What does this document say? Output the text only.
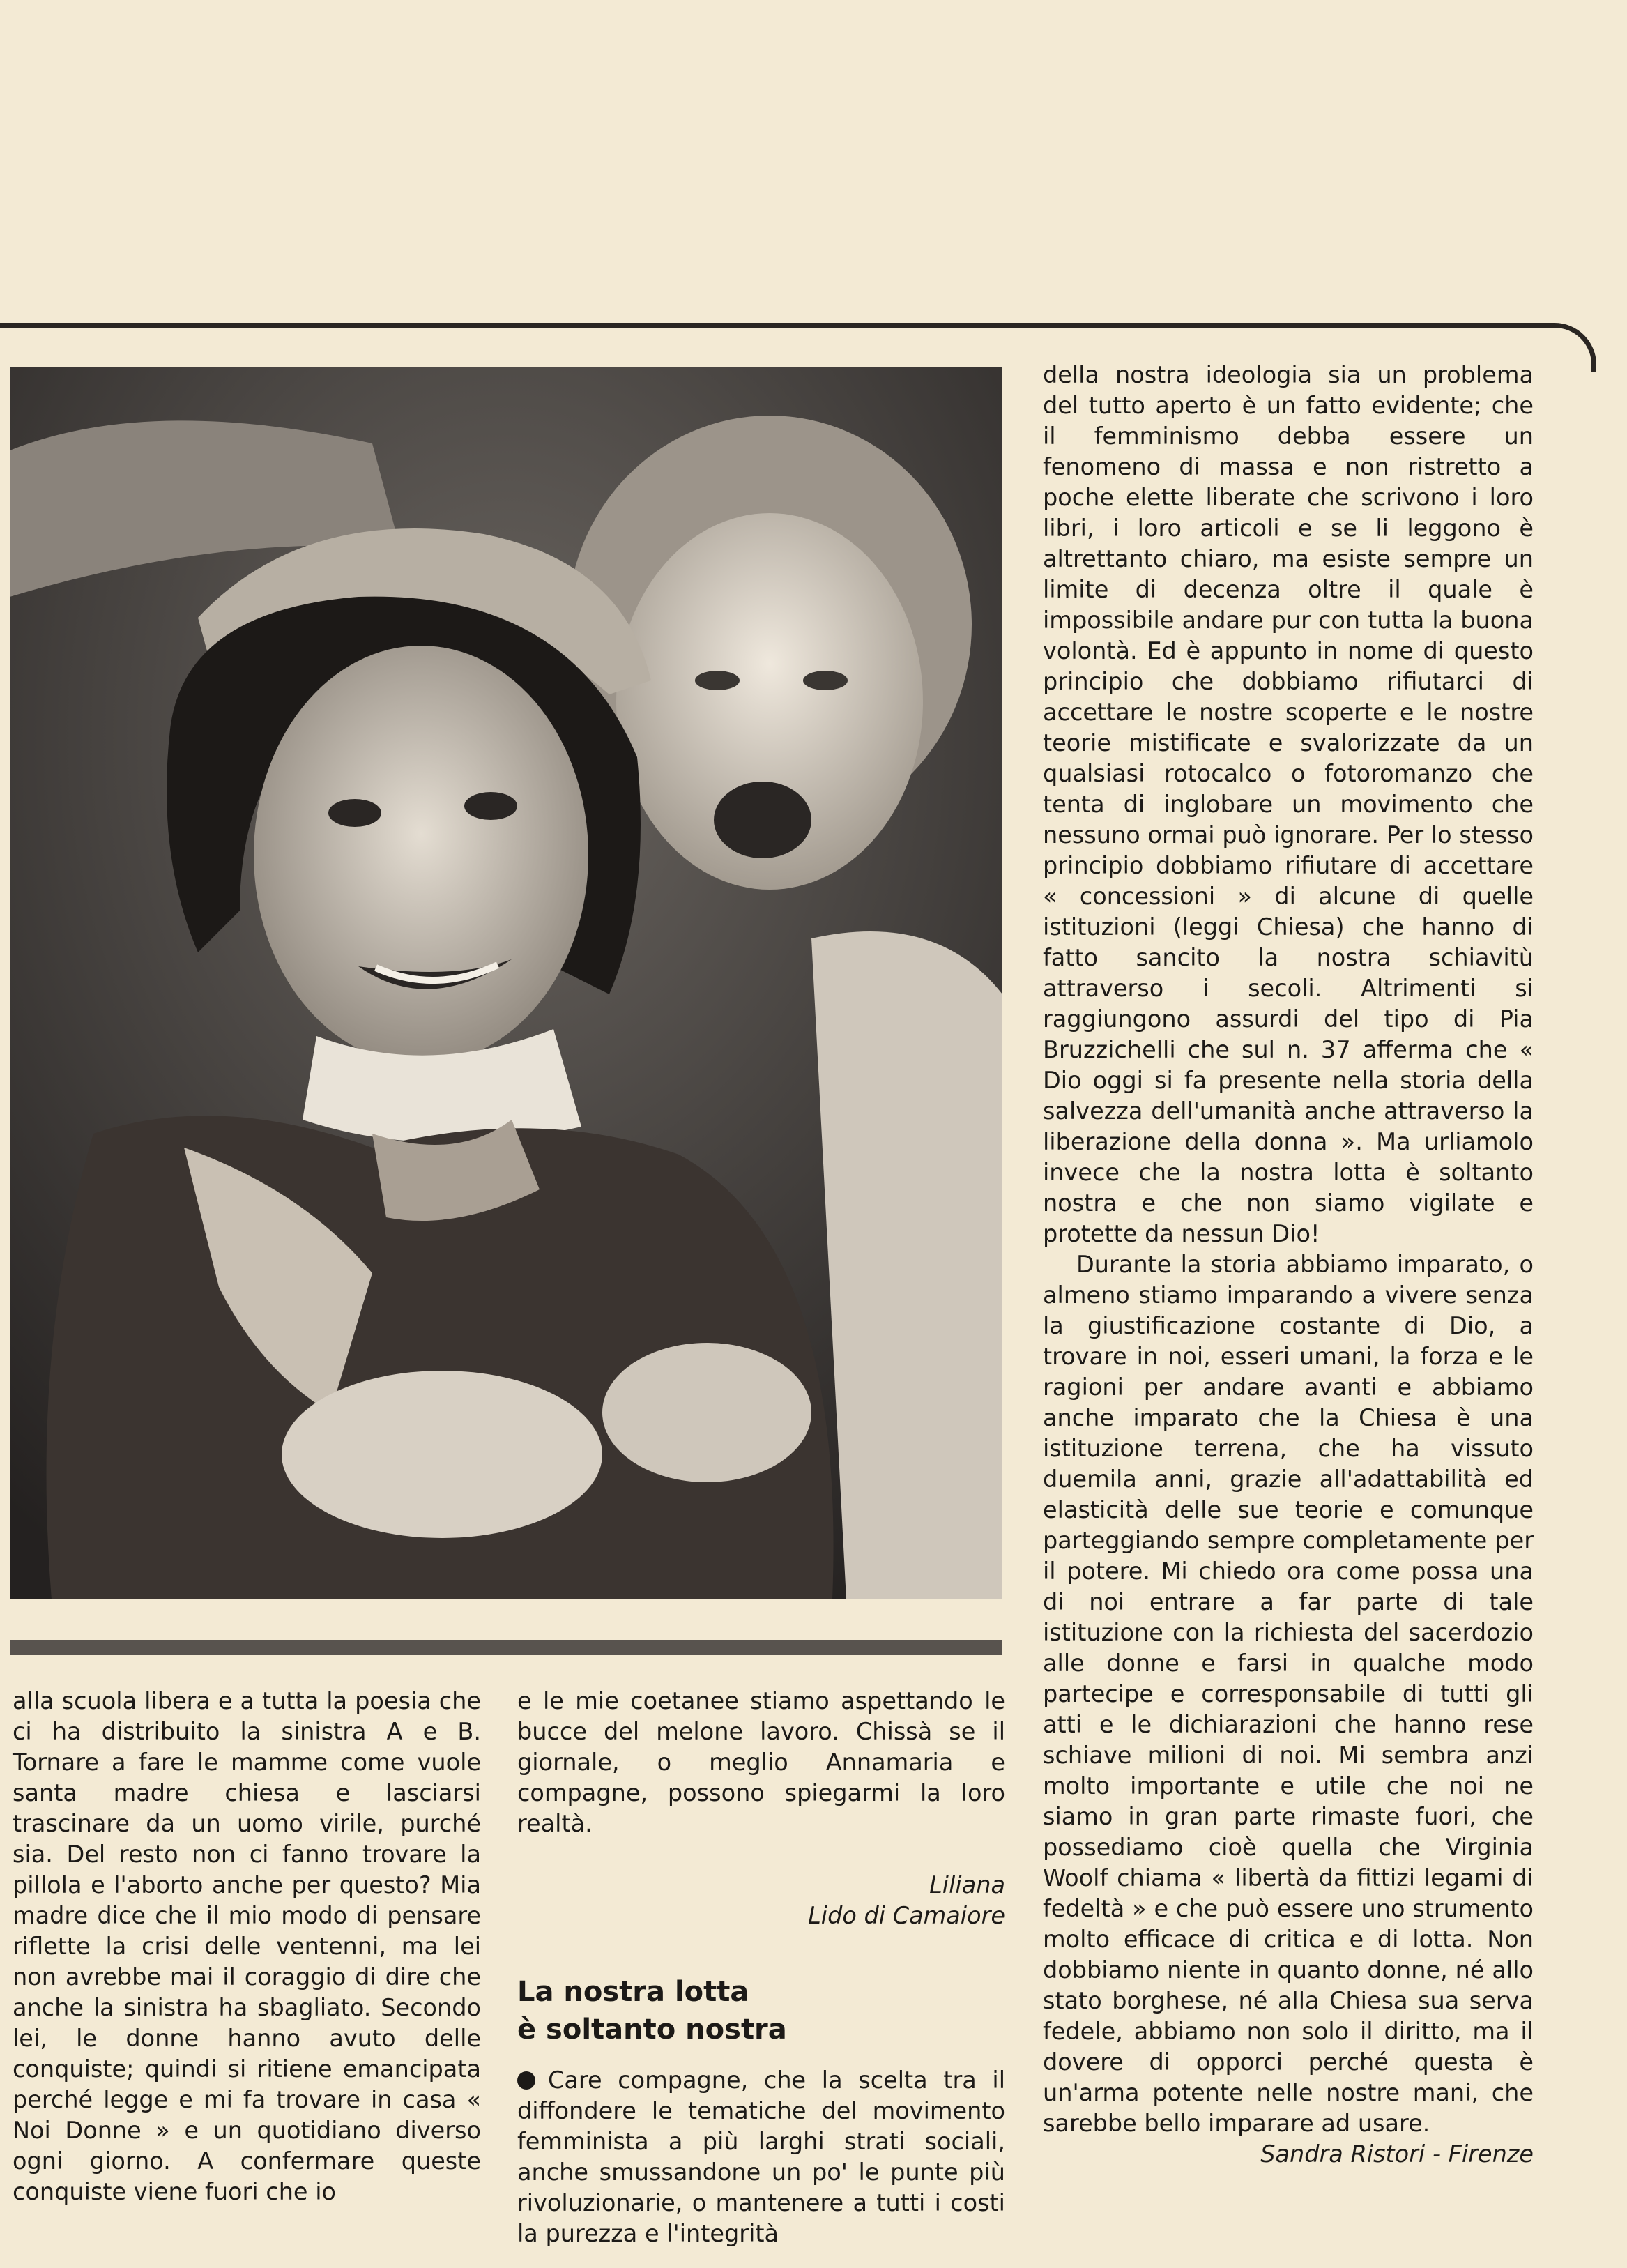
alla scuola libera e a tutta la poesia che ci ha distribuito la sinistra A e B. Tornare a fare le mamme come vuole santa madre chiesa e lasciarsi trascinare da un uomo virile, purché sia. Del resto non ci fanno trovare la pillola e l'aborto anche per questo? Mia madre dice che il mio modo di pensare riflette la crisi delle ventenni, ma lei non avrebbe mai il coraggio di dire che anche la sinistra ha sbagliato. Secondo lei, le donne hanno avuto delle conquiste; quindi si ritiene emancipata perché legge e mi fa trovare in casa « Noi Donne » e un quotidiano diverso ogni giorno. A confermare queste conquiste viene fuori che io

e le mie coetanee stiamo aspettando le bucce del melone lavoro. Chissà se il giornale, o meglio Annamaria e compagne, possono spiegarmi la loro realtà.

Liliana

Lido di Camaiore

La nostra lotta
è soltanto nostra

Care compagne, che la scelta tra il diffondere le tematiche del movimento femminista a più larghi strati sociali, anche smussandone un po' le punte più rivoluzionarie, o mantenere a tutti i costi la purezza e l'integrità

della nostra ideologia sia un problema del tutto aperto è un fatto evidente; che il femminismo debba essere un fenomeno di massa e non ristretto a poche elette liberate che scrivono i loro libri, i loro articoli e se li leggono è altrettanto chiaro, ma esiste sempre un limite di decenza oltre il quale è impossibile andare pur con tutta la buona volontà. Ed è appunto in nome di questo principio che dobbiamo rifiutarci di accettare le nostre scoperte e le nostre teorie mistificate e svalorizzate da un qualsiasi rotocalco o fotoromanzo che tenta di inglobare un movimento che nessuno ormai può ignorare. Per lo stesso principio dobbiamo rifiutare di accettare « concessioni » di alcune di quelle istituzioni (leggi Chiesa) che hanno di fatto sancito la nostra schiavitù attraverso i secoli. Altrimenti si raggiungono assurdi del tipo di Pia Bruzzichelli che sul n. 37 afferma che « Dio oggi si fa presente nella storia della salvezza dell'umanità anche attraverso la liberazione della donna ». Ma urliamolo invece che la nostra lotta è soltanto nostra e che non siamo vigilate e protette da nessun Dio!

Durante la storia abbiamo imparato, o almeno stiamo imparando a vivere senza la giustificazione costante di Dio, a trovare in noi, esseri umani, la forza e le ragioni per andare avanti e abbiamo anche imparato che la Chiesa è una istituzione terrena, che ha vissuto duemila anni, grazie all'adattabilità ed elasticità delle sue teorie e comunque parteggiando sempre completamente per il potere. Mi chiedo ora come possa una di noi entrare a far parte di tale istituzione con la richiesta del sacerdozio alle donne e farsi in qualche modo partecipe e corresponsabile di tutti gli atti e le dichiarazioni che hanno rese schiave milioni di noi. Mi sembra anzi molto importante e utile che noi ne siamo in gran parte rimaste fuori, che possediamo cioè quella che Virginia Woolf chiama « libertà da fittizi legami di fedeltà » e che può essere uno strumento molto efficace di critica e di lotta. Non dobbiamo niente in quanto donne, né allo stato borghese, né alla Chiesa sua serva fedele, abbiamo non solo il diritto, ma il dovere di opporci perché questa è un'arma potente nelle nostre mani, che sarebbe bello imparare ad usare.

Sandra Ristori - Firenze
